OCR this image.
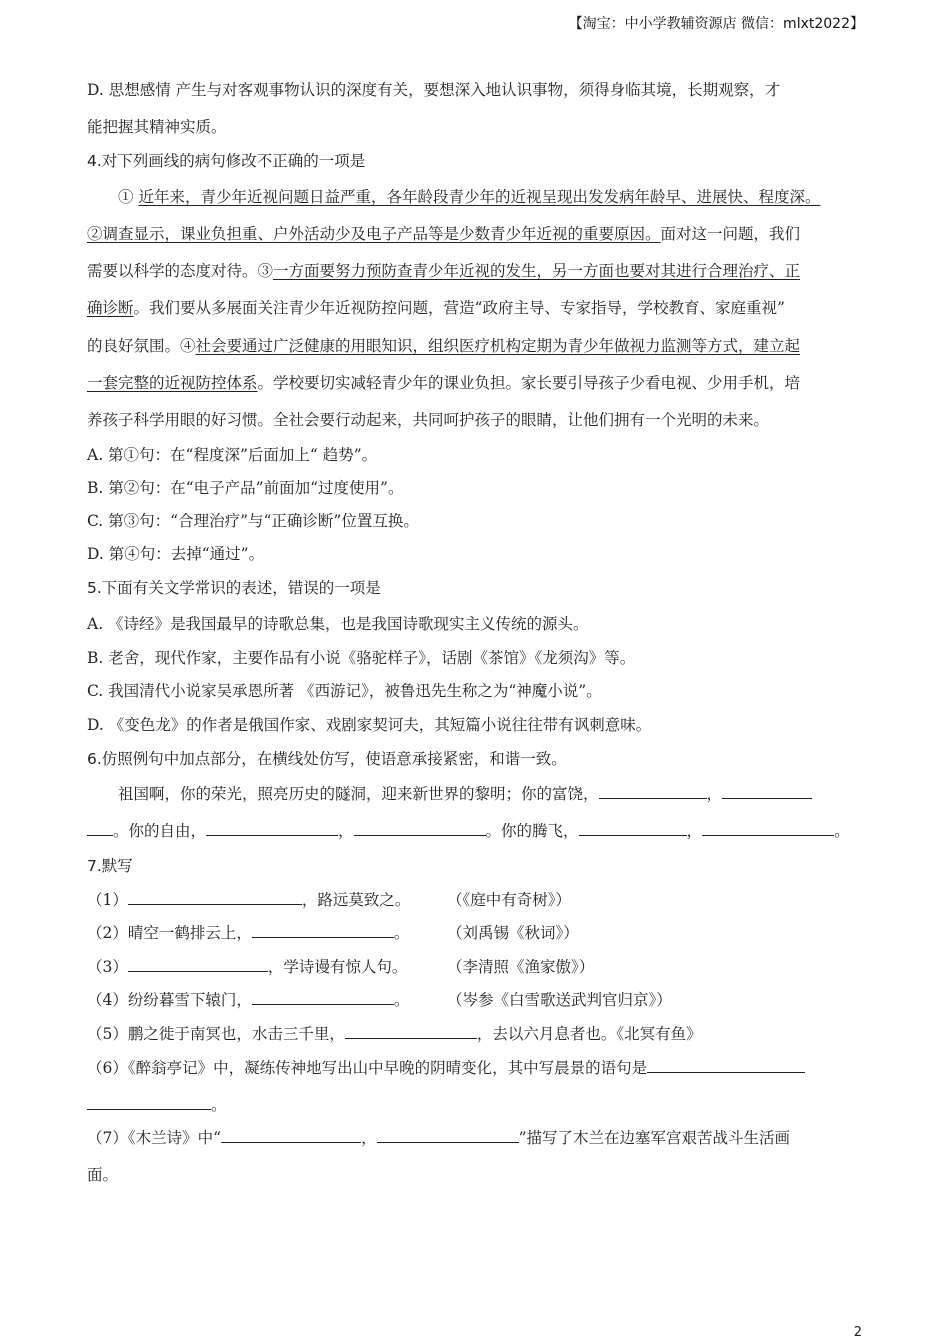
【淘宝：中小学教辅资源店 微信：mlxt2022】
D. 思想感情 产生与对客观事物认识的深度有关，要想深入地认识事物，须得身临其境，长期观察，才
能把握其精神实质。
4.对下列画线的病句修改不正确的一项是
① 近年来，青少年近视问题日益严重，各年龄段青少年的近视呈现出发发病年龄早、进展快、程度深。
②调查显示，课业负担重、户外活动少及电子产品等是少数青少年近视的重要原因。面对这一问题，我们
需要以科学的态度对待。③一方面要努力预防查青少年近视的发生，另一方面也要对其进行合理治疗、正
确诊断。我们要从多展面关注青少年近视防控问题，营造“政府主导、专家指导，学校教育、家庭重视”
的良好氛围。④社会要通过广泛健康的用眼知识，组织医疗机构定期为青少年做视力监测等方式，建立起
一套完整的近视防控体系。学校要切实减轻青少年的课业负担。家长要引导孩子少看电视、少用手机，培
养孩子科学用眼的好习惯。全社会要行动起来，共同呵护孩子的眼睛，让他们拥有一个光明的未来。
A. 第①句：在“程度深”后面加上“ 趋势”。
B. 第②句：在“电子产品”前面加“过度使用”。
C. 第③句：“合理治疗”与“正确诊断”位置互换。
D. 第④句：去掉“通过”。
5.下面有关文学常识的表述，错误的一项是
A. 《诗经》是我国最早的诗歌总集，也是我国诗歌现实主义传统的源头。
B. 老舍，现代作家，主要作品有小说《骆驼样子》，话剧《茶馆》《龙须沟》等。
C. 我国清代小说家吴承恩所著 《西游记》，被鲁迅先生称之为“神魔小说”。
D. 《变色龙》的作者是俄国作家、戏剧家契诃夫，其短篇小说往往带有讽刺意味。
6.仿照例句中加点部分，在横线处仿写，使语意承接紧密，和谐一致。
祖国啊，你的荣光，照亮历史的隧洞，迎来新世界的黎明；你的富饶，	，
。你的自由，	，	。你的腾飞，	，	。
7.默写
（1）	，路远莫致之。 （《庭中有奇树》）
（2）晴空一鹤排云上，	。 （刘禹锡《秋词》）
（3）	，学诗谩有惊人句。	（李清照《渔家傲》）
（4）纷纷暮雪下辕门，	。 （岑参《白雪歌送武判官归京》）
（5）鹏之徙于南冥也，水击三千里，	，去以六月息者也。《北冥有鱼》
（6）《醉翁亭记》中，凝练传神地写出山中早晚的阴晴变化，其中写晨景的语句是
。
（7）《木兰诗》中“	，	”描写了木兰在边塞军宫艰苦战斗生活画
面。
2
